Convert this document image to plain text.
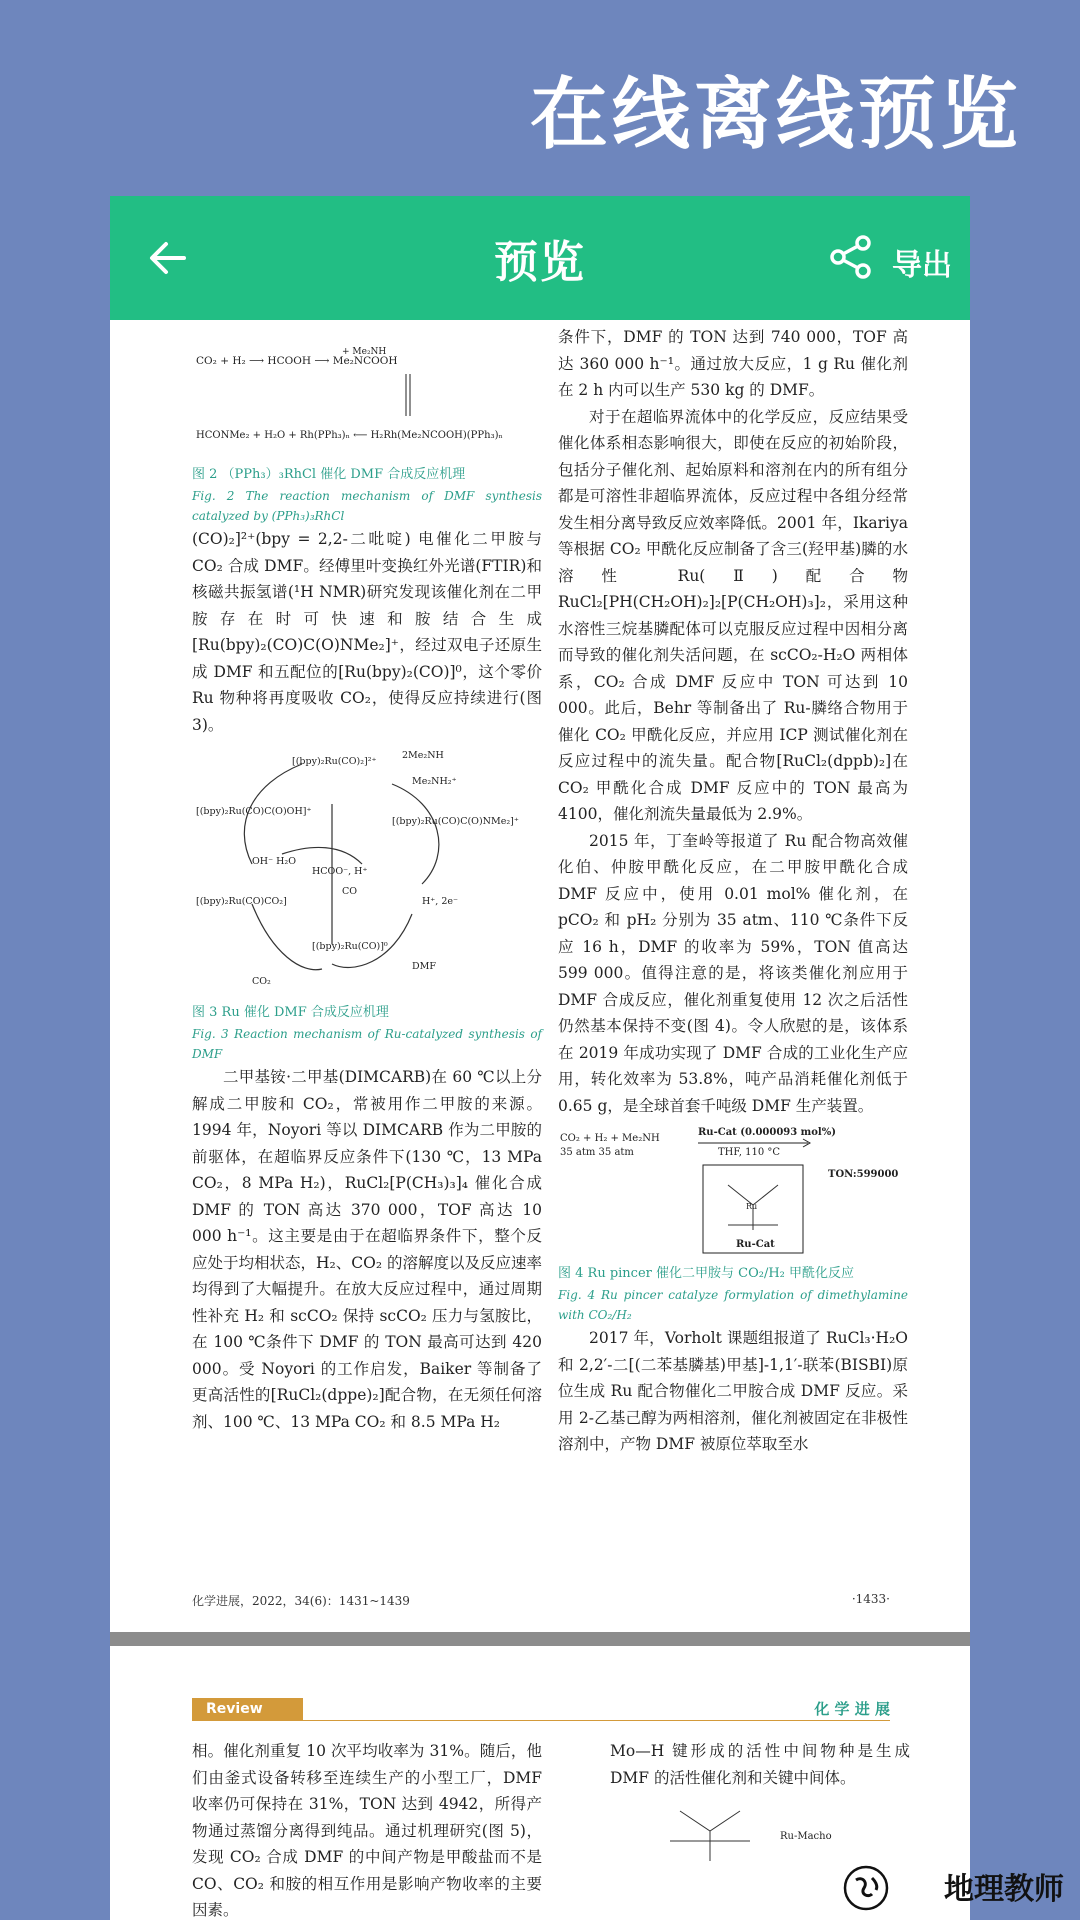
在线离线预览
预览	导出
CO₂ + H₂ ⟶ HCOOH ⟶ Me₂NCOOH
+ Me₂NH
HCONMe₂ + H₂O + Rh(PPh₃)ₙ ⟵ H₂Rh(Me₂NCOOH)(PPh₃)ₙ

图 2 （PPh₃）₃RhCl 催化 DMF 合成反应机理

Fig. 2 The reaction mechanism of DMF synthesis catalyzed by (PPh₃)₃RhCl

(CO)₂]²⁺(bpy = 2,2-二吡啶) 电催化二甲胺与 CO₂ 合成 DMF。经傅里叶变换红外光谱(FTIR)和核磁共振氢谱(¹H NMR)研究发现该催化剂在二甲胺存在时可快速和胺结合生成[Ru(bpy)₂(CO)C(O)NMe₂]⁺，经过双电子还原生成 DMF 和五配位的[Ru(bpy)₂(CO)]⁰，这个零价 Ru 物种将再度吸收 CO₂，使得反应持续进行(图 3)。

[(bpy)₂Ru(CO)₂]²⁺
2Me₂NH
Me₂NH₂⁺
[(bpy)₂Ru(CO)C(O)OH]⁺
[(bpy)₂Ru(CO)C(O)NMe₂]⁺
OH⁻ H₂O
HCOO⁻, H⁺
[(bpy)₂Ru(CO)CO₂]
CO
H⁺, 2e⁻
[(bpy)₂Ru(CO)]⁰
CO₂
DMF

图 3 Ru 催化 DMF 合成反应机理

Fig. 3 Reaction mechanism of Ru-catalyzed synthesis of DMF

二甲基铵·二甲基(DIMCARB)在 60 ℃以上分解成二甲胺和 CO₂，常被用作二甲胺的来源。1994 年，Noyori 等以 DIMCARB 作为二甲胺的前驱体，在超临界反应条件下(130 ℃，13 MPa CO₂，8 MPa H₂)，RuCl₂[P(CH₃)₃]₄ 催化合成 DMF 的 TON 高达 370 000，TOF 高达 10 000 h⁻¹。这主要是由于在超临界条件下，整个反应处于均相状态，H₂、CO₂ 的溶解度以及反应速率均得到了大幅提升。在放大反应过程中，通过周期性补充 H₂ 和 scCO₂ 保持 scCO₂ 压力与氢胺比，在 100 ℃条件下 DMF 的 TON 最高可达到 420 000。受 Noyori 的工作启发，Baiker 等制备了更高活性的[RuCl₂(dppe)₂]配合物，在无须任何溶剂、100 ℃、13 MPa CO₂ 和 8.5 MPa H₂

条件下，DMF 的 TON 达到 740 000，TOF 高达 360 000 h⁻¹。通过放大反应，1 g Ru 催化剂在 2 h 内可以生产 530 kg 的 DMF。

对于在超临界流体中的化学反应，反应结果受催化体系相态影响很大，即使在反应的初始阶段，包括分子催化剂、起始原料和溶剂在内的所有组分都是可溶性非超临界流体，反应过程中各组分经常发生相分离导致反应效率降低。2001 年，Ikariya 等根据 CO₂ 甲酰化反应制备了含三(羟甲基)膦的水溶性 Ru(Ⅱ)配合物 RuCl₂[PH(CH₂OH)₂]₂[P(CH₂OH)₃]₂，采用这种水溶性三烷基膦配体可以克服反应过程中因相分离而导致的催化剂失活问题，在 scCO₂-H₂O 两相体系，CO₂ 合成 DMF 反应中 TON 可达到 10 000。此后，Behr 等制备出了 Ru-膦络合物用于催化 CO₂ 甲酰化反应，并应用 ICP 测试催化剂在反应过程中的流失量。配合物[RuCl₂(dppb)₂]在 CO₂ 甲酰化合成 DMF 反应中的 TON 最高为 4100，催化剂流失量最低为 2.9%。

2015 年，丁奎岭等报道了 Ru 配合物高效催化伯、仲胺甲酰化反应，在二甲胺甲酰化合成 DMF 反应中，使用 0.01 mol% 催化剂，在 pCO₂ 和 pH₂ 分别为 35 atm、110 ℃条件下反应 16 h，DMF 的收率为 59%，TON 值高达 599 000。值得注意的是，将该类催化剂应用于 DMF 合成反应，催化剂重复使用 12 次之后活性仍然基本保持不变(图 4)。令人欣慰的是，该体系在 2019 年成功实现了 DMF 合成的工业化生产应用，转化效率为 53.8%，吨产品消耗催化剂低于 0.65 g，是全球首套千吨级 DMF 生产装置。

CO₂ + H₂ + Me₂NH
35 atm 35 atm
Ru-Cat (0.000093 mol%)
THF, 110 °C
TON:599000
Ru-Cat
Ru

图 4 Ru pincer 催化二甲胺与 CO₂/H₂ 甲酰化反应

Fig. 4 Ru pincer catalyze formylation of dimethylamine with CO₂/H₂

2017 年，Vorholt 课题组报道了 RuCl₃·H₂O 和 2,2′-二[(二苯基膦基)甲基]-1,1′-联苯(BISBI)原位生成 Ru 配合物催化二甲胺合成 DMF 反应。采用 2-乙基己醇为两相溶剂，催化剂被固定在非极性溶剂中，产物 DMF 被原位萃取至水

化学进展，2022，34(6)：1431~1439	·1433·
Review	化 学 进 展

相。催化剂重复 10 次平均收率为 31%。随后，他们由釜式设备转移至连续生产的小型工厂，DMF 收率仍可保持在 31%，TON 达到 4942，所得产物通过蒸馏分离得到纯品。通过机理研究(图 5)，发现 CO₂ 合成 DMF 的中间产物是甲酸盐而不是 CO、CO₂ 和胺的相互作用是影响产物收率的主要因素。

Mo—H 键形成的活性中间物种是生成 DMF 的活性催化剂和关键中间体。

Ru-Macho
地理教师
